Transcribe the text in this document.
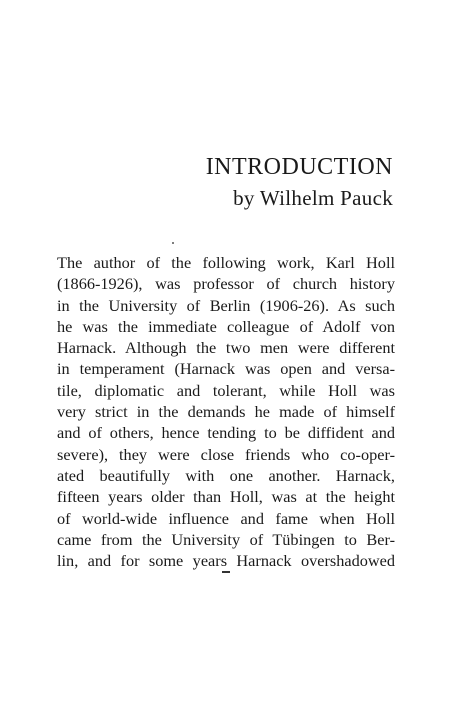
INTRODUCTION
by Wilhelm Pauck
The author of the following work, Karl Holl
(1866-1926), was professor of church history
in the University of Berlin (1906-26). As such
he was the immediate colleague of Adolf von
Harnack. Although the two men were different
in temperament (Harnack was open and versa-
tile, diplomatic and tolerant, while Holl was
very strict in the demands he made of himself
and of others, hence tending to be diffident and
severe), they were close friends who co-oper-
ated beautifully with one another. Harnack,
fifteen years older than Holl, was at the height
of world-wide influence and fame when Holl
came from the University of Tübingen to Ber-
lin, and for some years Harnack overshadowed
